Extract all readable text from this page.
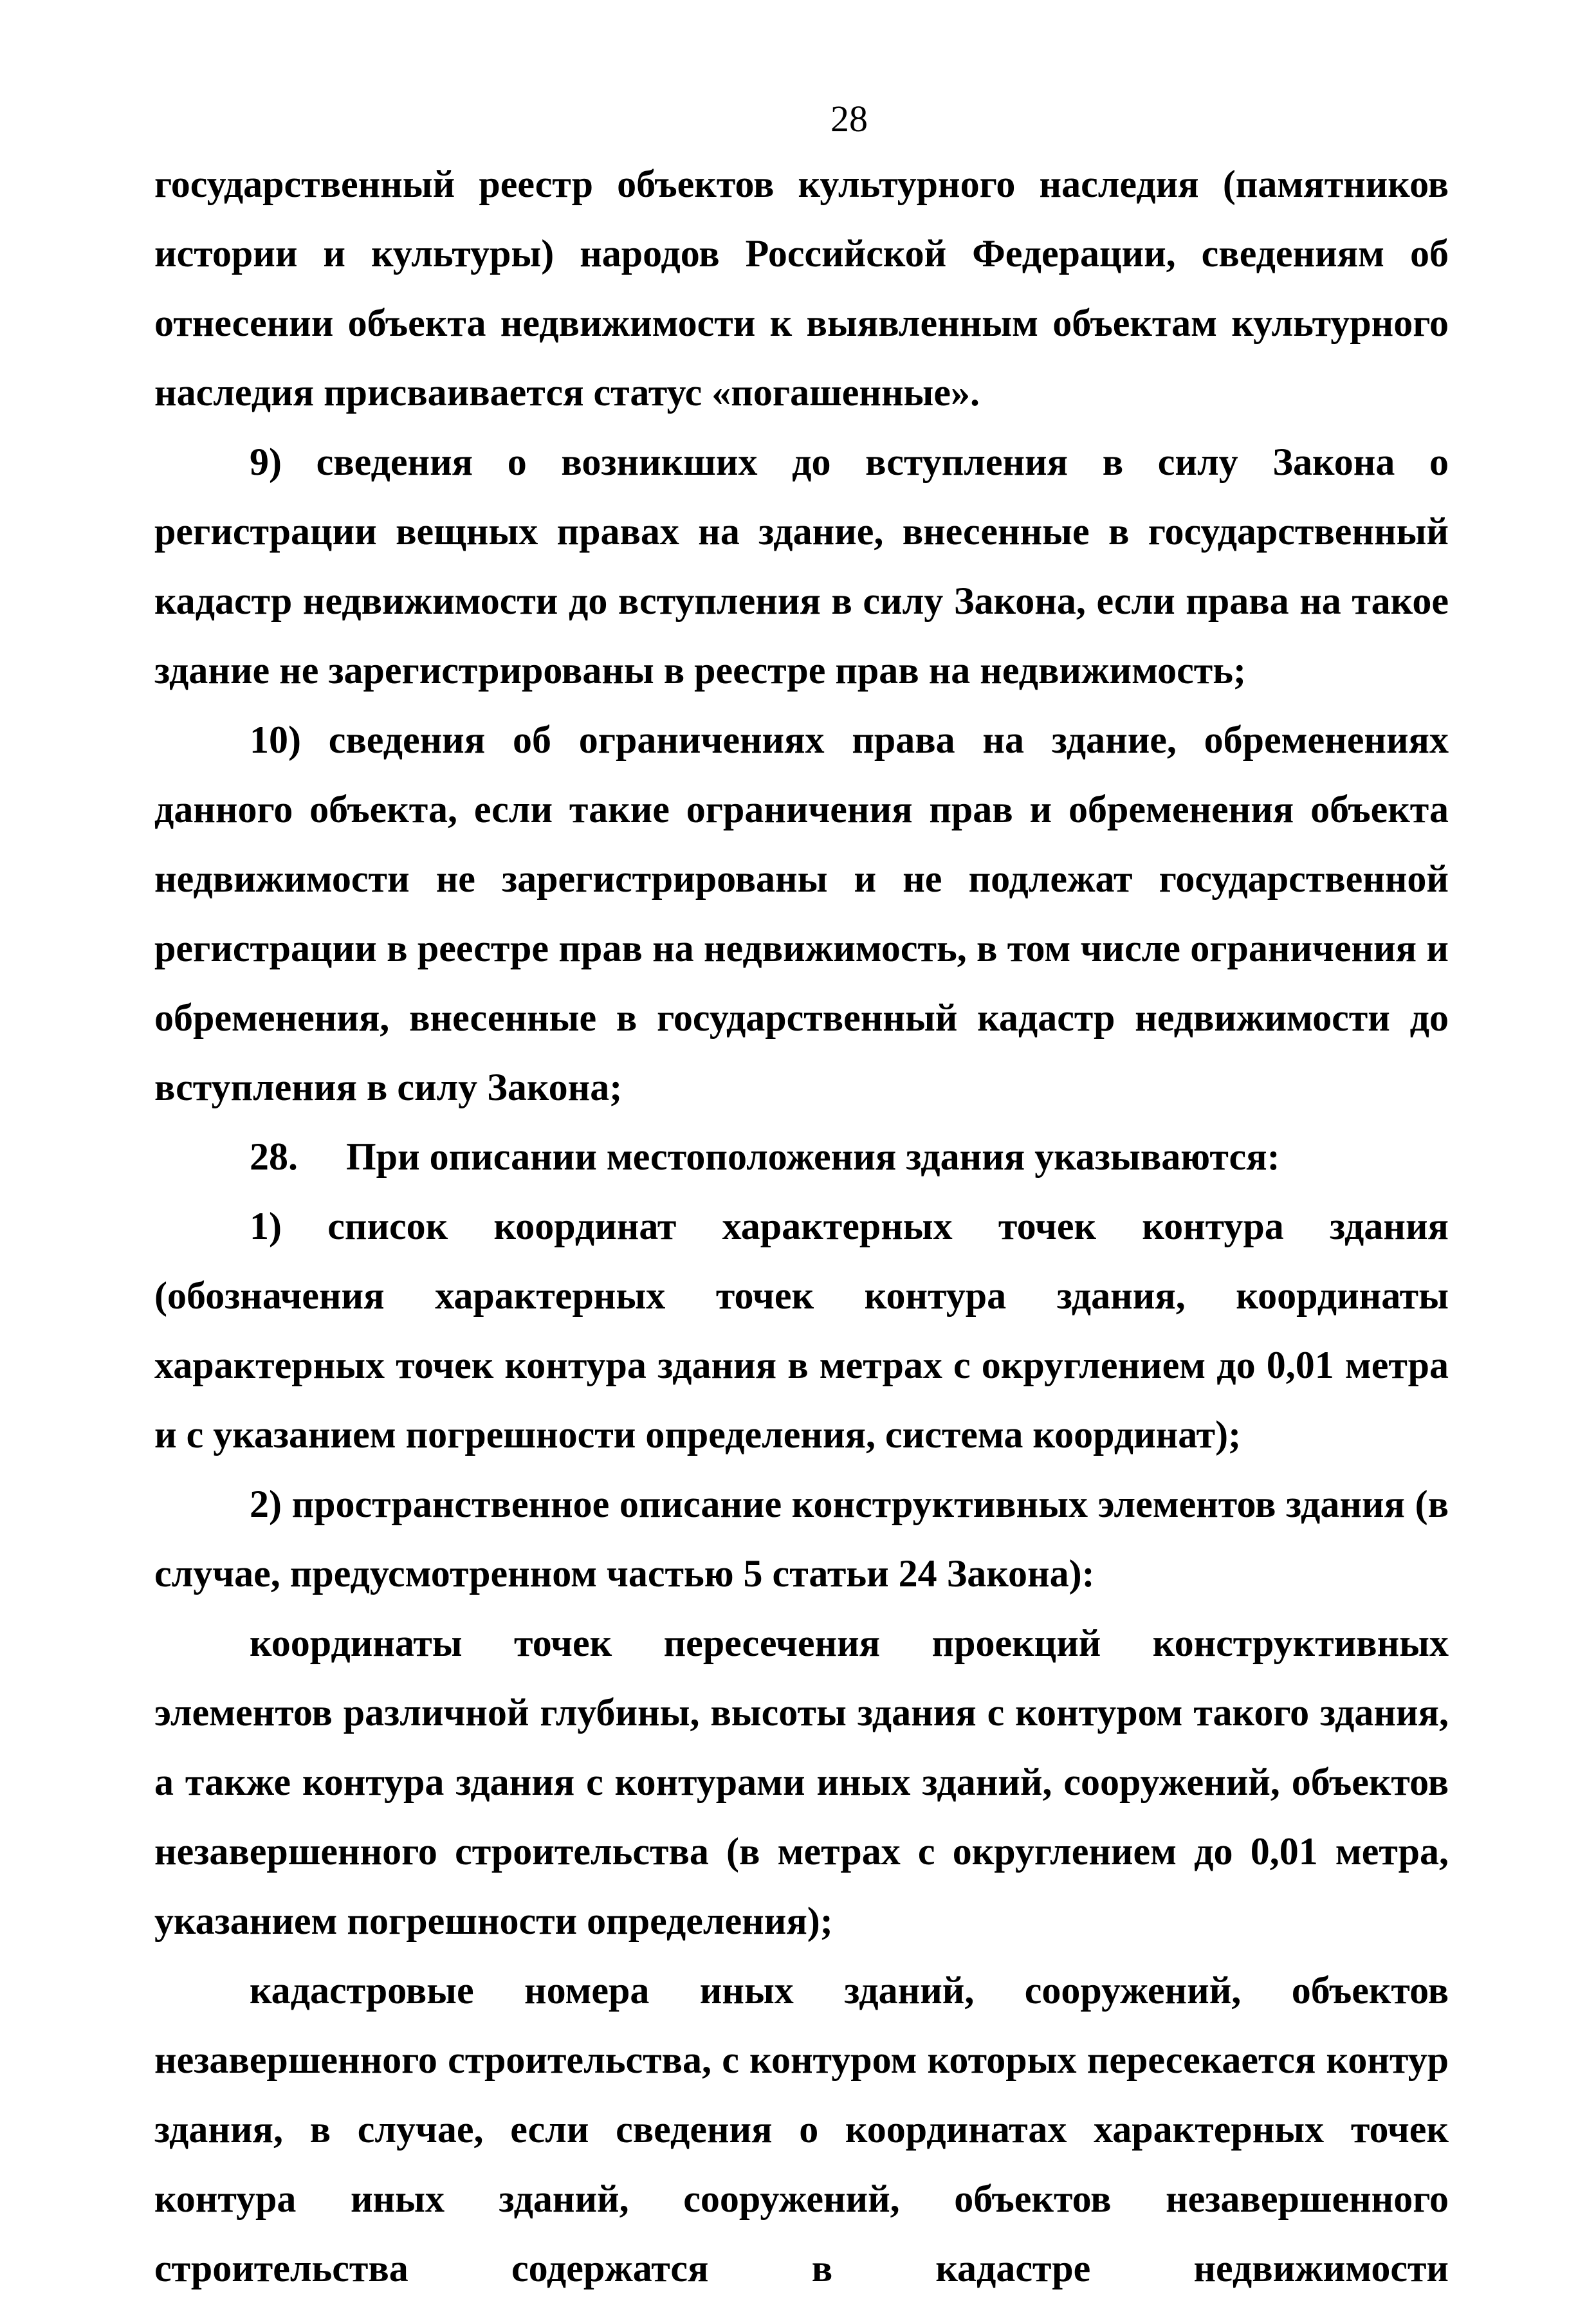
28

государственный реестр объектов культурного наследия (памятников истории и культуры) народов Российской Федерации, сведениям об отнесении объекта недвижимости к выявленным объектам культурного наследия присваивается статус «погашенные».

9) сведения о возникших до вступления в силу Закона о регистрации вещных правах на здание, внесенные в государственный кадастр недвижимости до вступления в силу Закона, если права на такое здание не зарегистрированы в реестре прав на недвижимость;

10) сведения об ограничениях права на здание, обременениях данного объекта, если такие ограничения прав и обременения объекта недвижимости не зарегистрированы и не подлежат государственной регистрации в реестре прав на недвижимость, в том числе ограничения и обременения, внесенные в государственный кадастр недвижимости до вступления в силу Закона;

28. При описании местоположения здания указываются:

1) список координат характерных точек контура здания (обозначения характерных точек контура здания, координаты характерных точек контура здания в метрах с округлением до 0,01 метра и с указанием погрешности определения, система координат);

2) пространственное описание конструктивных элементов здания (в случае, предусмотренном частью 5 статьи 24 Закона):

координаты точек пересечения проекций конструктивных элементов различной глубины, высоты здания с контуром такого здания, а также контура здания с контурами иных зданий, сооружений, объектов незавершенного строительства (в метрах с округлением до 0,01 метра, указанием погрешности определения);

кадастровые номера иных зданий, сооружений, объектов незавершенного строительства, с контуром которых пересекается контур здания, в случае, если сведения о координатах характерных точек контура иных зданий, сооружений, объектов незавершенного строительства содержатся в кадастре недвижимости
